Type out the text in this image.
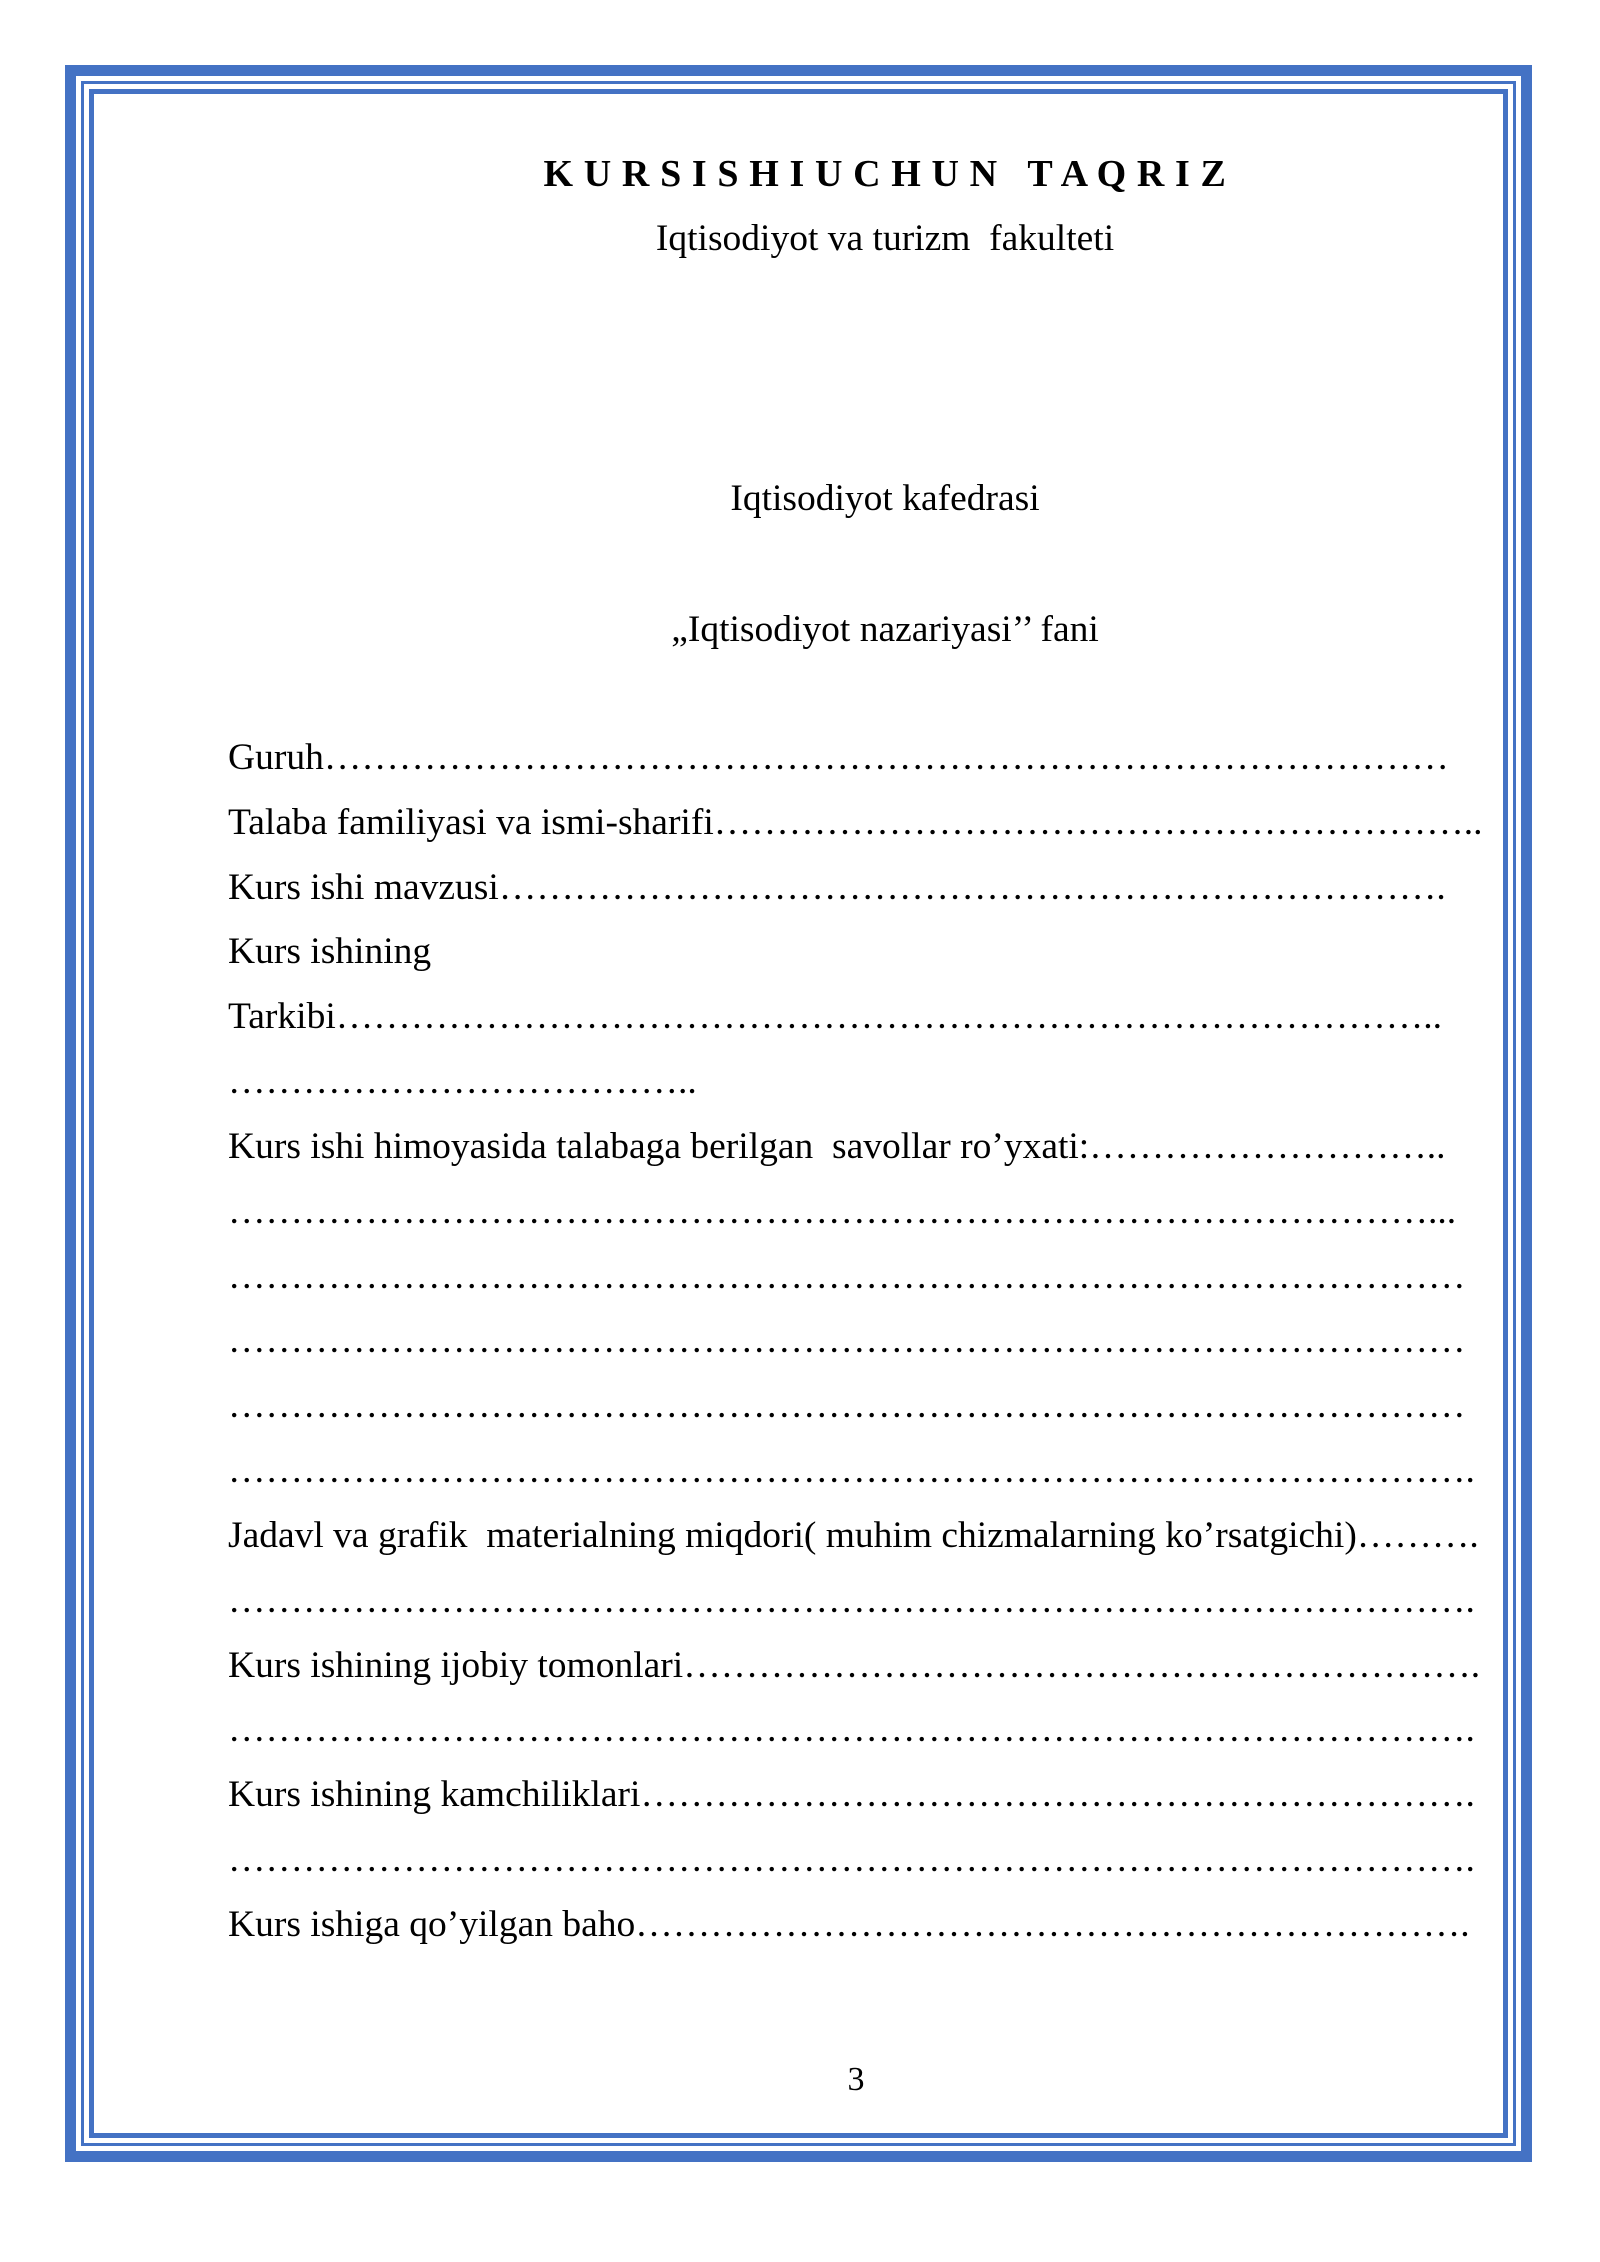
K U R S I S H I U C H U N   T A Q R I Z
Iqtisodiyot va turizm  fakulteti
Iqtisodiyot kafedrasi
„Iqtisodiyot nazariyasi’’ fani
Guruh………………………………………………………………………………
Talaba familiyasi va ismi-sharifi……………………………………………………..
Kurs ishi mavzusi………………………………………………………………….
Kurs ishining
Tarkibi……………………………………………………………………………..
………………………………..
Kurs ishi himoyasida talabaga berilgan  savollar ro’yxati:………………………..
……………………………………………………………………………………...
………………………………………………………………………………………
………………………………………………………………………………………
………………………………………………………………………………………
……………………………………………………………………………………….
Jadavl va grafik  materialning miqdori( muhim chizmalarning ko’rsatgichi)……….
……………………………………………………………………………………….
Kurs ishining ijobiy tomonlari……………………………………………………….
……………………………………………………………………………………….
Kurs ishining kamchiliklari………………………………………………………….
……………………………………………………………………………………….
Kurs ishiga qo’yilgan baho………………………………………………………….
3
